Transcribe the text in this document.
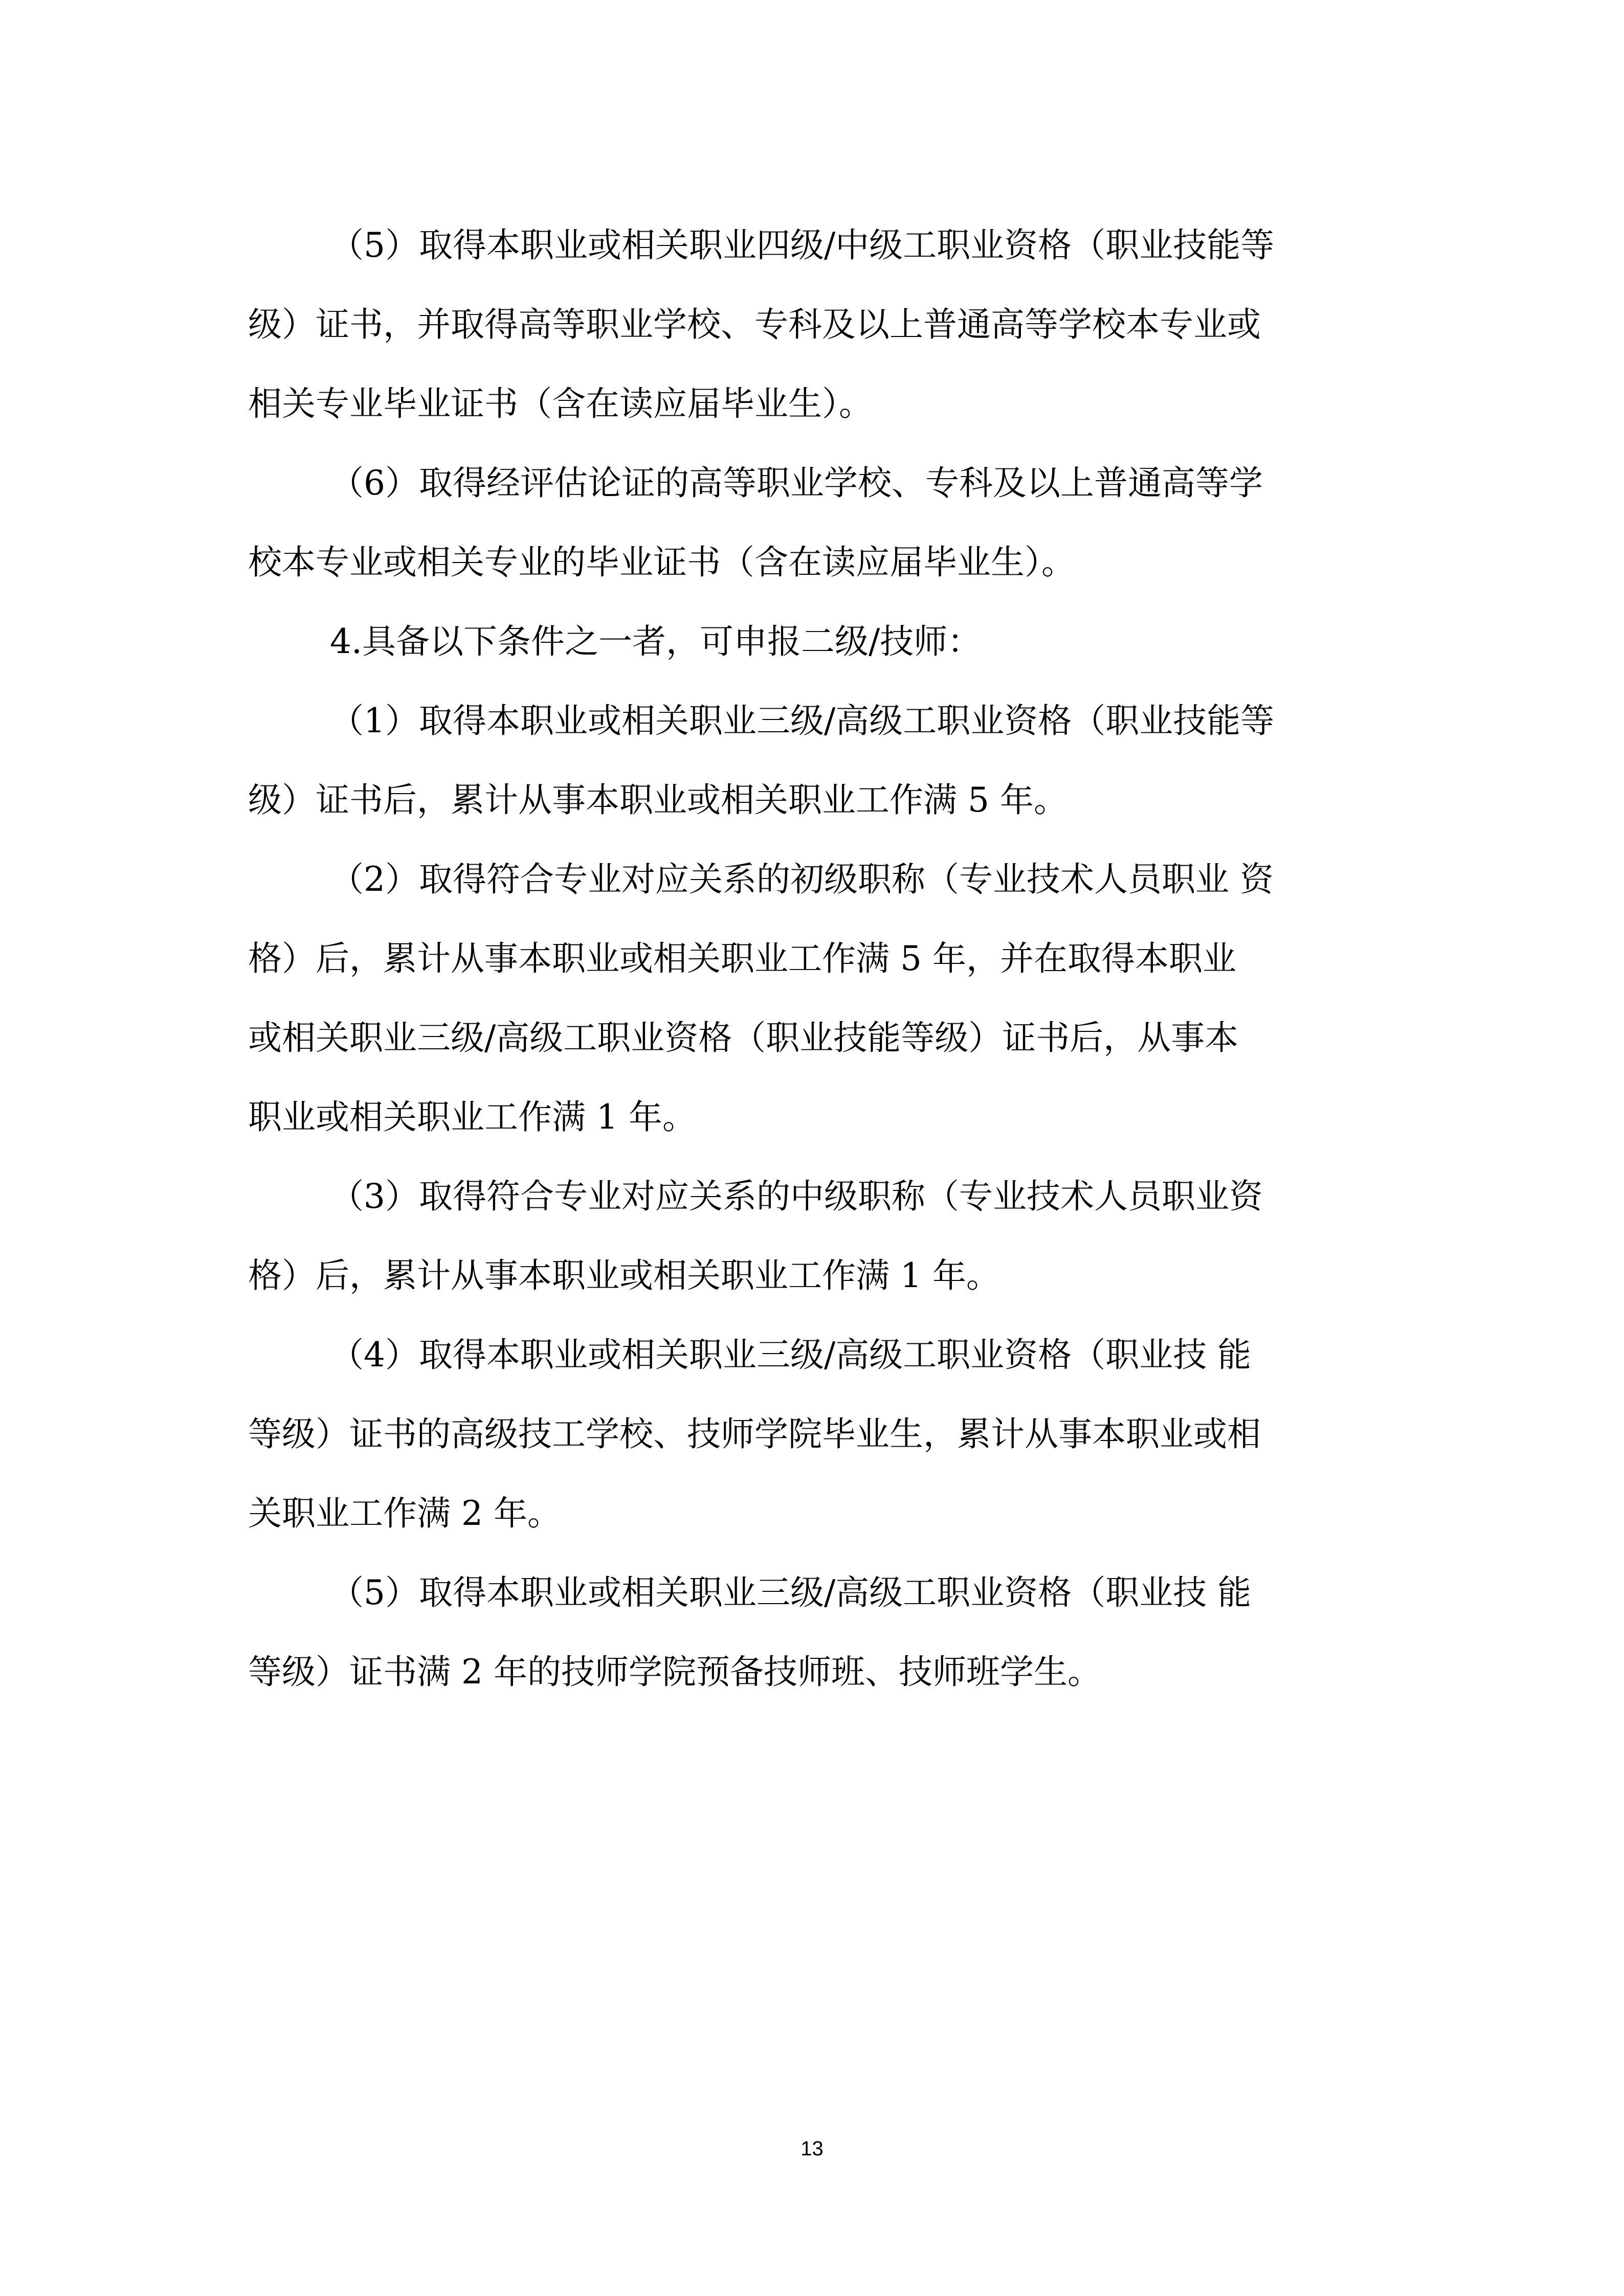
（5）取得本职业或相关职业四级/中级工职业资格（职业技能等
级）证书，并取得高等职业学校、专科及以上普通高等学校本专业或
相关专业毕业证书（含在读应届毕业生）。

（6）取得经评估论证的高等职业学校、专科及以上普通高等学
校本专业或相关专业的毕业证书（含在读应届毕业生）。

4.具备以下条件之一者，可申报二级/技师：

（1）取得本职业或相关职业三级/高级工职业资格（职业技能等
级）证书后，累计从事本职业或相关职业工作满 5 年。

（2）取得符合专业对应关系的初级职称（专业技术人员职业 资
格）后，累计从事本职业或相关职业工作满 5 年，并在取得本职业
或相关职业三级/高级工职业资格（职业技能等级）证书后，从事本
职业或相关职业工作满 1 年。

（3）取得符合专业对应关系的中级职称（专业技术人员职业资
格）后，累计从事本职业或相关职业工作满 1 年。

（4）取得本职业或相关职业三级/高级工职业资格（职业技 能
等级）证书的高级技工学校、技师学院毕业生，累计从事本职业或相
关职业工作满 2 年。

（5）取得本职业或相关职业三级/高级工职业资格（职业技 能
等级）证书满 2 年的技师学院预备技师班、技师班学生。

13
